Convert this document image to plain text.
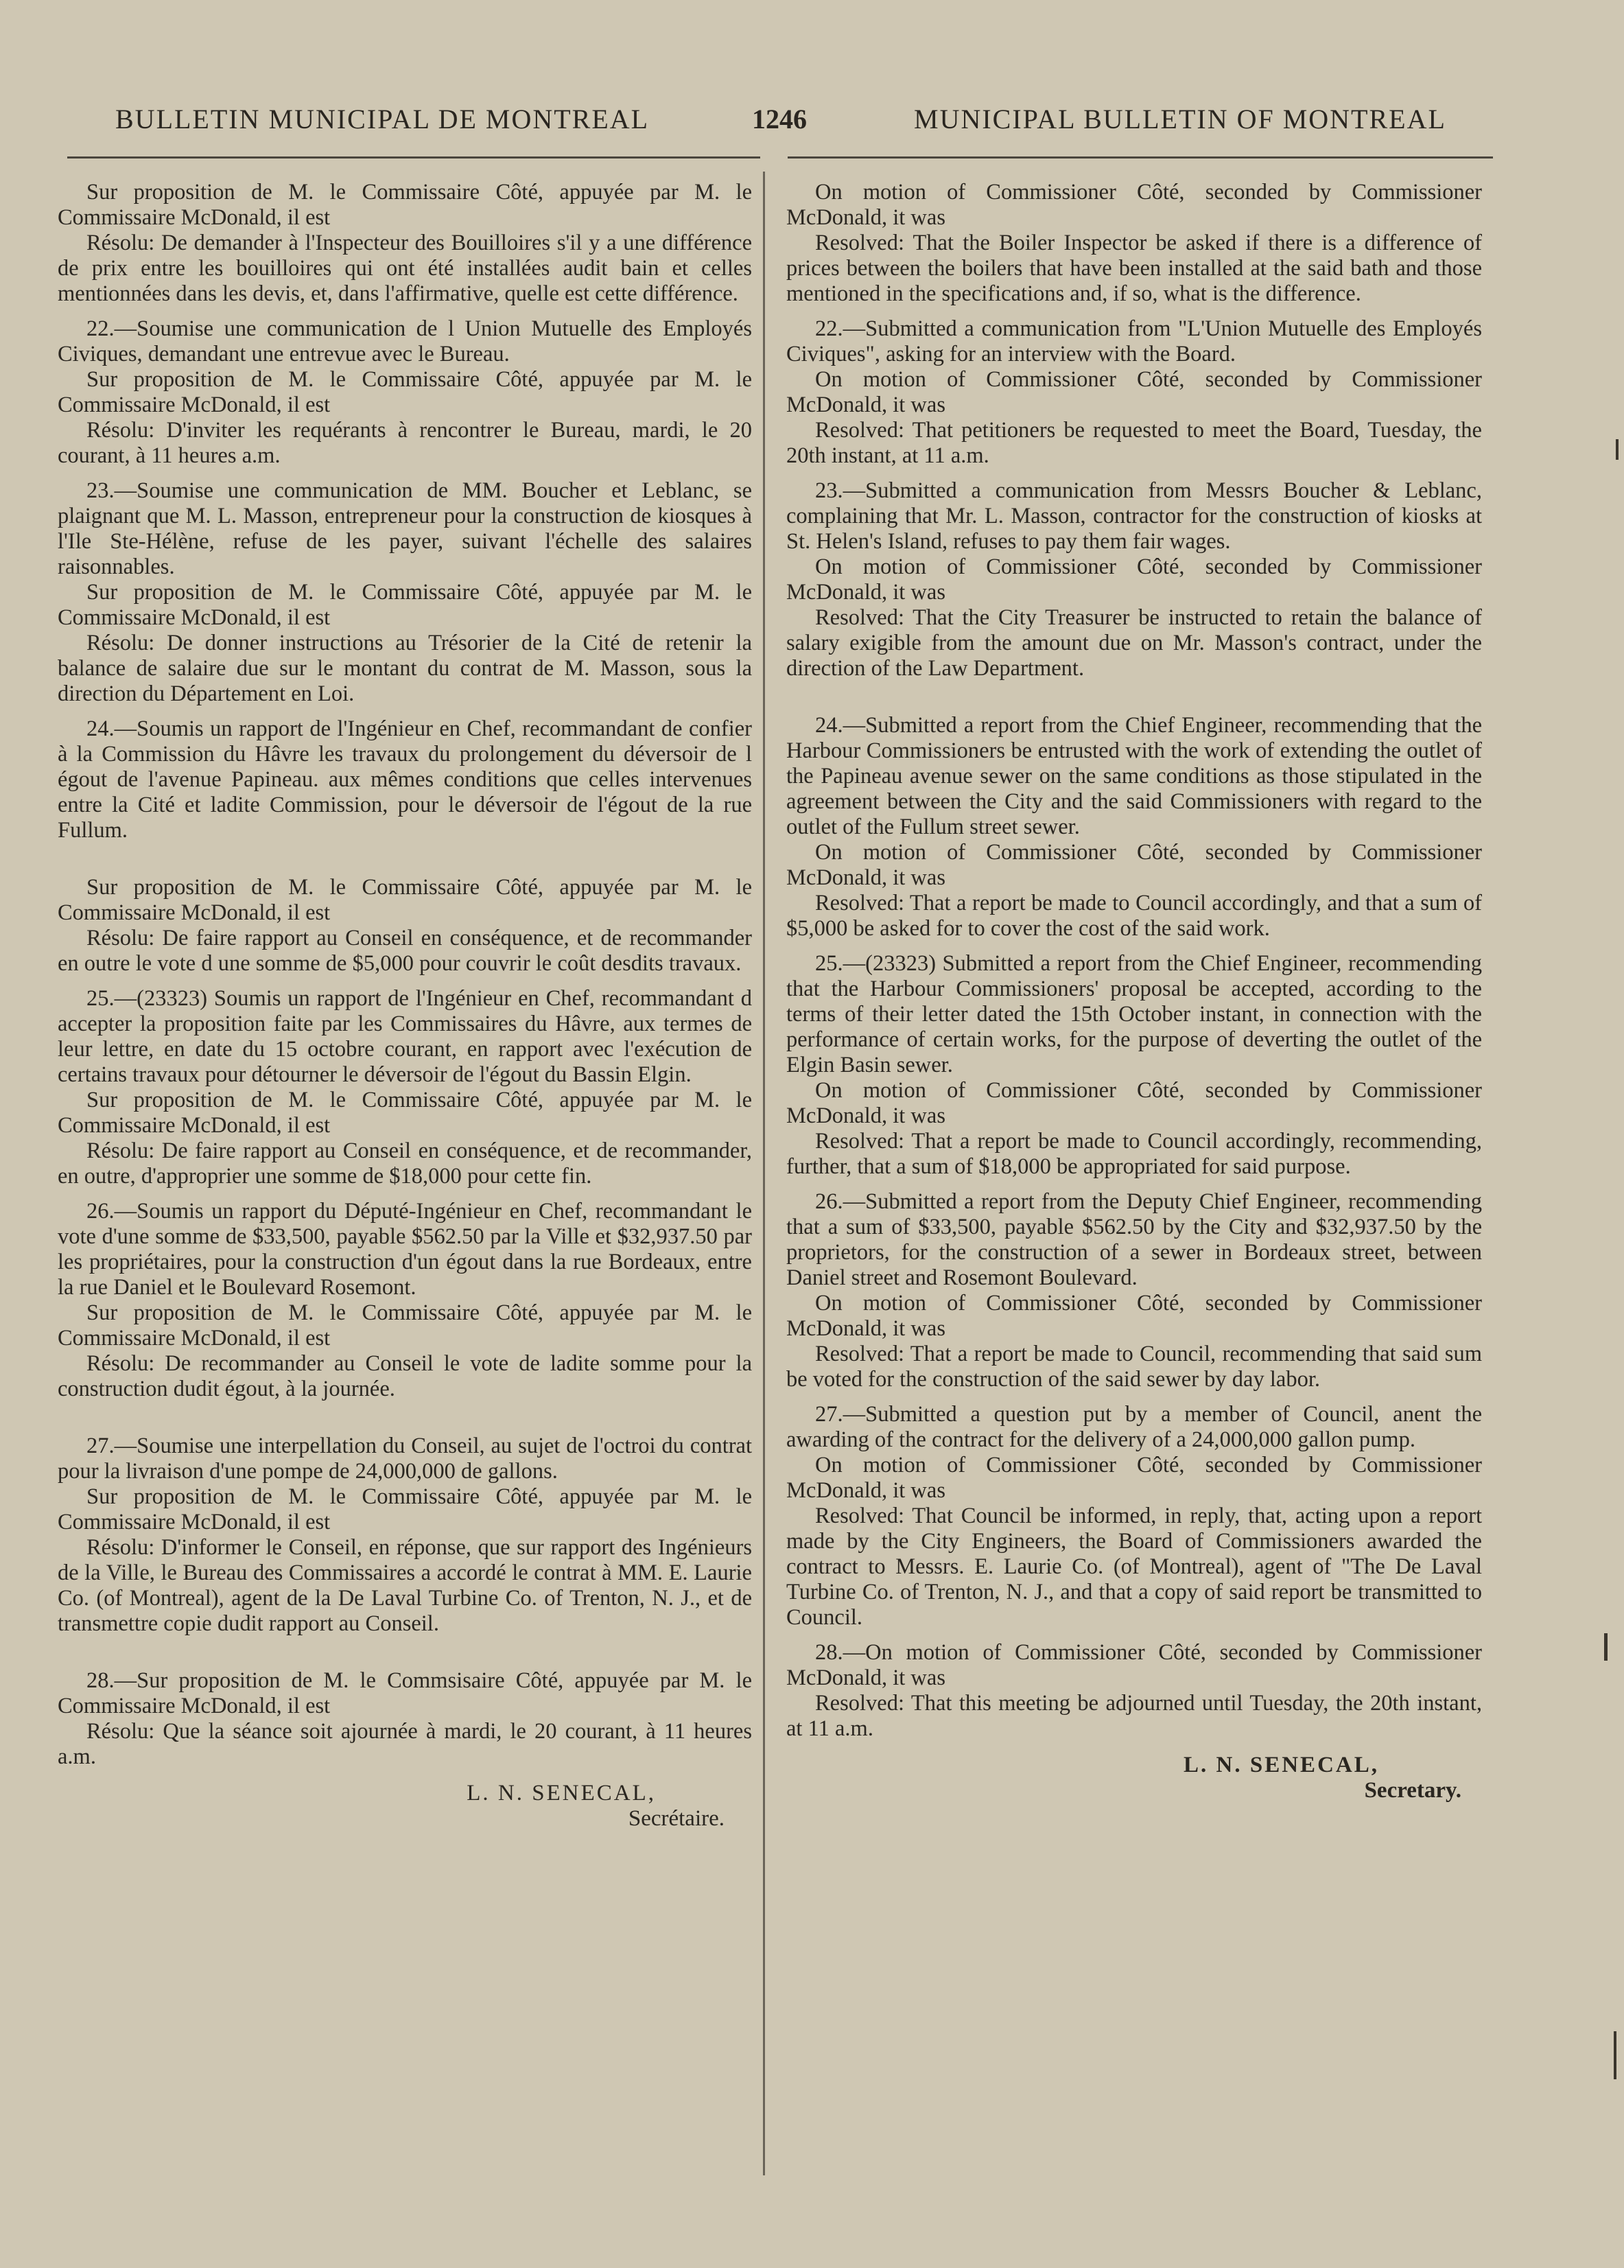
BULLETIN MUNICIPAL DE MONTREAL	1246	MUNICIPAL BULLETIN OF MONTREAL

Sur proposition de M. le Commissaire Côté, appuyée par M. le Commissaire McDonald, il est

Résolu: De demander à l'Inspecteur des Bouilloires s'il y a une différence de prix entre les bouilloires qui ont été installées audit bain et celles mentionnées dans les devis, et, dans l'affirmative, quelle est cette différence.

22.—Soumise une communication de l Union Mutuelle des Employés Civiques, demandant une entrevue avec le Bureau.

Sur proposition de M. le Commissaire Côté, appuyée par M. le Commissaire McDonald, il est

Résolu: D'inviter les requérants à rencontrer le Bureau, mardi, le 20 courant, à 11 heures a.m.

23.—Soumise une communication de MM. Boucher et Leblanc, se plaignant que M. L. Masson, entrepreneur pour la construction de kiosques à l'Ile Ste-Hélène, refuse de les payer, suivant l'échelle des salaires raisonnables.

Sur proposition de M. le Commissaire Côté, appuyée par M. le Commissaire McDonald, il est

Résolu: De donner instructions au Trésorier de la Cité de retenir la balance de salaire due sur le montant du contrat de M. Masson, sous la direction du Département en Loi.

24.—Soumis un rapport de l'Ingénieur en Chef, recommandant de confier à la Commission du Hâvre les travaux du prolongement du déversoir de l égout de l'avenue Papineau. aux mêmes conditions que celles intervenues entre la Cité et ladite Commission, pour le déversoir de l'égout de la rue Fullum.

Sur proposition de M. le Commissaire Côté, appuyée par M. le Commissaire McDonald, il est

Résolu: De faire rapport au Conseil en conséquence, et de recommander en outre le vote d une somme de $5,000 pour couvrir le coût desdits travaux.

25.—(23323) Soumis un rapport de l'Ingénieur en Chef, recommandant d accepter la proposition faite par les Commissaires du Hâvre, aux termes de leur lettre, en date du 15 octobre courant, en rapport avec l'exécution de certains travaux pour détourner le déversoir de l'égout du Bassin Elgin.

Sur proposition de M. le Commissaire Côté, appuyée par M. le Commissaire McDonald, il est

Résolu: De faire rapport au Conseil en conséquence, et de recommander, en outre, d'approprier une somme de $18,000 pour cette fin.

26.—Soumis un rapport du Député-Ingénieur en Chef, recommandant le vote d'une somme de $33,500, payable $562.50 par la Ville et $32,937.50 par les propriétaires, pour la construction d'un égout dans la rue Bordeaux, entre la rue Daniel et le Boulevard Rosemont.

Sur proposition de M. le Commissaire Côté, appuyée par M. le Commissaire McDonald, il est

Résolu: De recommander au Conseil le vote de ladite somme pour la construction dudit égout, à la journée.

27.—Soumise une interpellation du Conseil, au sujet de l'octroi du contrat pour la livraison d'une pompe de 24,000,000 de gallons.

Sur proposition de M. le Commissaire Côté, appuyée par M. le Commissaire McDonald, il est

Résolu: D'informer le Conseil, en réponse, que sur rapport des Ingénieurs de la Ville, le Bureau des Commissaires a accordé le contrat à MM. E. Laurie Co. (of Montreal), agent de la De Laval Turbine Co. of Trenton, N. J., et de transmettre copie dudit rapport au Conseil.

28.—Sur proposition de M. le Commsisaire Côté, appuyée par M. le Commissaire McDonald, il est

Résolu: Que la séance soit ajournée à mardi, le 20 courant, à 11 heures a.m.

L. N. SENECAL,
Secrétaire.

On motion of Commissioner Côté, seconded by Commissioner McDonald, it was

Resolved: That the Boiler Inspector be asked if there is a difference of prices between the boilers that have been installed at the said bath and those mentioned in the specifications and, if so, what is the difference.

22.—Submitted a communication from "L'Union Mutuelle des Employés Civiques", asking for an interview with the Board.

On motion of Commissioner Côté, seconded by Commissioner McDonald, it was

Resolved: That petitioners be requested to meet the Board, Tuesday, the 20th instant, at 11 a.m.

23.—Submitted a communication from Messrs Boucher & Leblanc, complaining that Mr. L. Masson, contractor for the construction of kiosks at St. Helen's Island, refuses to pay them fair wages.

On motion of Commissioner Côté, seconded by Commissioner McDonald, it was

Resolved: That the City Treasurer be instructed to retain the balance of salary exigible from the amount due on Mr. Masson's contract, under the direction of the Law Department.

24.—Submitted a report from the Chief Engineer, recommending that the Harbour Commissioners be entrusted with the work of extending the outlet of the Papineau avenue sewer on the same conditions as those stipulated in the agreement between the City and the said Commissioners with regard to the outlet of the Fullum street sewer.

On motion of Commissioner Côté, seconded by Commissioner McDonald, it was

Resolved: That a report be made to Council accordingly, and that a sum of $5,000 be asked for to cover the cost of the said work.

25.—(23323) Submitted a report from the Chief Engineer, recommending that the Harbour Commissioners' proposal be accepted, according to the terms of their letter dated the 15th October instant, in connection with the performance of certain works, for the purpose of deverting the outlet of the Elgin Basin sewer.

On motion of Commissioner Côté, seconded by Commissioner McDonald, it was

Resolved: That a report be made to Council accordingly, recommending, further, that a sum of $18,000 be appropriated for said purpose.

26.—Submitted a report from the Deputy Chief Engineer, recommending that a sum of $33,500, payable $562.50 by the City and $32,937.50 by the proprietors, for the construction of a sewer in Bordeaux street, between Daniel street and Rosemont Boulevard.

On motion of Commissioner Côté, seconded by Commissioner McDonald, it was

Resolved: That a report be made to Council, recommending that said sum be voted for the construction of the said sewer by day labor.

27.—Submitted a question put by a member of Council, anent the awarding of the contract for the delivery of a 24,000,000 gallon pump.

On motion of Commissioner Côté, seconded by Commissioner McDonald, it was

Resolved: That Council be informed, in reply, that, acting upon a report made by the City Engineers, the Board of Commissioners awarded the contract to Messrs. E. Laurie Co. (of Montreal), agent of "The De Laval Turbine Co. of Trenton, N. J., and that a copy of said report be transmitted to Council.

28.—On motion of Commissioner Côté, seconded by Commissioner McDonald, it was

Resolved: That this meeting be adjourned until Tuesday, the 20th instant, at 11 a.m.

L. N. SENECAL,
Secretary.
